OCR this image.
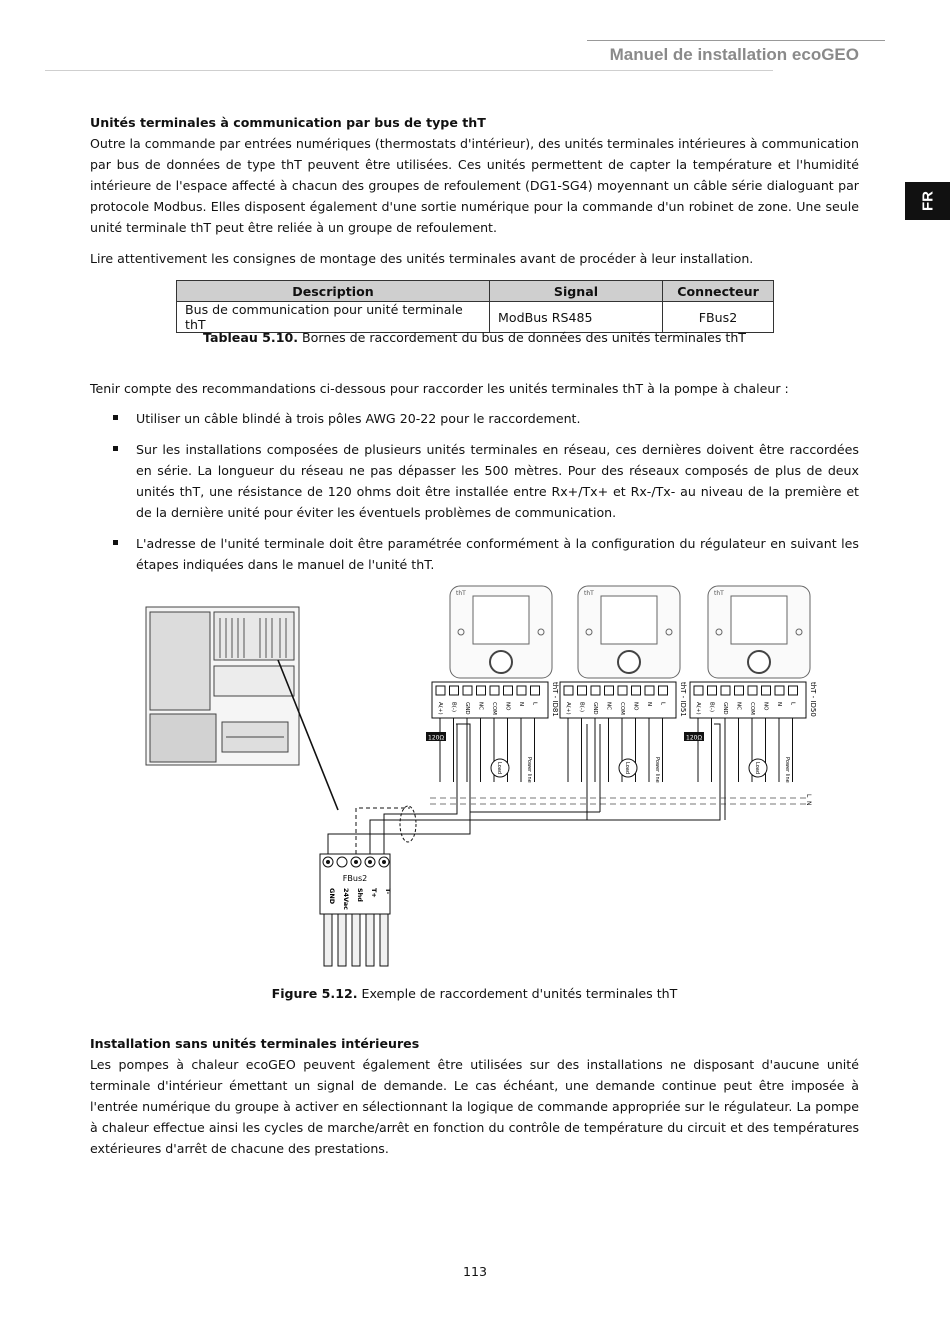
Manuel de installation ecoGEO
FR
Unités terminales à communication par bus de type thT
Outre la commande par entrées numériques (thermostats d'intérieur), des unités terminales intérieures à communication par bus de données de type thT peuvent être utilisées. Ces unités permettent de capter la température et l'humidité intérieure de l'espace affecté à chacun des groupes de refoulement (DG1-SG4) moyennant un câble série dialoguant par protocole Modbus. Elles disposent également d'une sortie numérique pour la commande d'un robinet de zone. Une seule unité terminale thT peut être reliée à un groupe de refoulement.
Lire attentivement les consignes de montage des unités terminales avant de procéder à leur installation.
Description	Signal	Connecteur
Bus de communication pour unité terminale thT	ModBus RS485	FBus2
Tableau 5.10. Bornes de raccordement du bus de données des unités terminales thT
Tenir compte des recommandations ci-dessous pour raccorder les unités terminales thT à la pompe à chaleur :
Utiliser un câble blindé à trois pôles AWG 20-22 pour le raccordement.
Sur les installations composées de plusieurs unités terminales en réseau, ces dernières doivent être raccordées en série. La longueur du réseau ne pas dépasser les 500 mètres. Pour des réseaux composés de plus de deux unités thT, une résistance de 120 ohms doit être installée entre Rx+/Tx+ et Rx-/Tx- au niveau de la première et de la dernière unité pour éviter les éventuels problèmes de communication.
L'adresse de l'unité terminale doit être paramétrée conformément à la configuration du régulateur en suivant les étapes indiquées dans le manuel de l'unité thT.
FBus2
GND 24Vac Shd T+ T-
thT
A(+) B(-) GND NC COM NO N L thT - ID81
Load	Power line
120Ω
thT
A(+) B(-) GND NC COM NO N L thT - ID51
Load	Power line
thT
A(+) B(-) GND NC COM NO N L thT - ID50
Load	Power line
120Ω
L
N
Figure 5.12. Exemple de raccordement d'unités terminales thT
Installation sans unités terminales intérieures
Les pompes à chaleur ecoGEO peuvent également être utilisées sur des installations ne disposant d'aucune unité terminale d'intérieur émettant un signal de demande. Le cas échéant, une demande continue peut être imposée à l'entrée numérique du groupe à activer en sélectionnant la logique de commande appropriée sur le régulateur. La pompe à chaleur effectue ainsi les cycles de marche/arrêt en fonction du contrôle de température du circuit et des températures extérieures d'arrêt de chacune des prestations.
113
